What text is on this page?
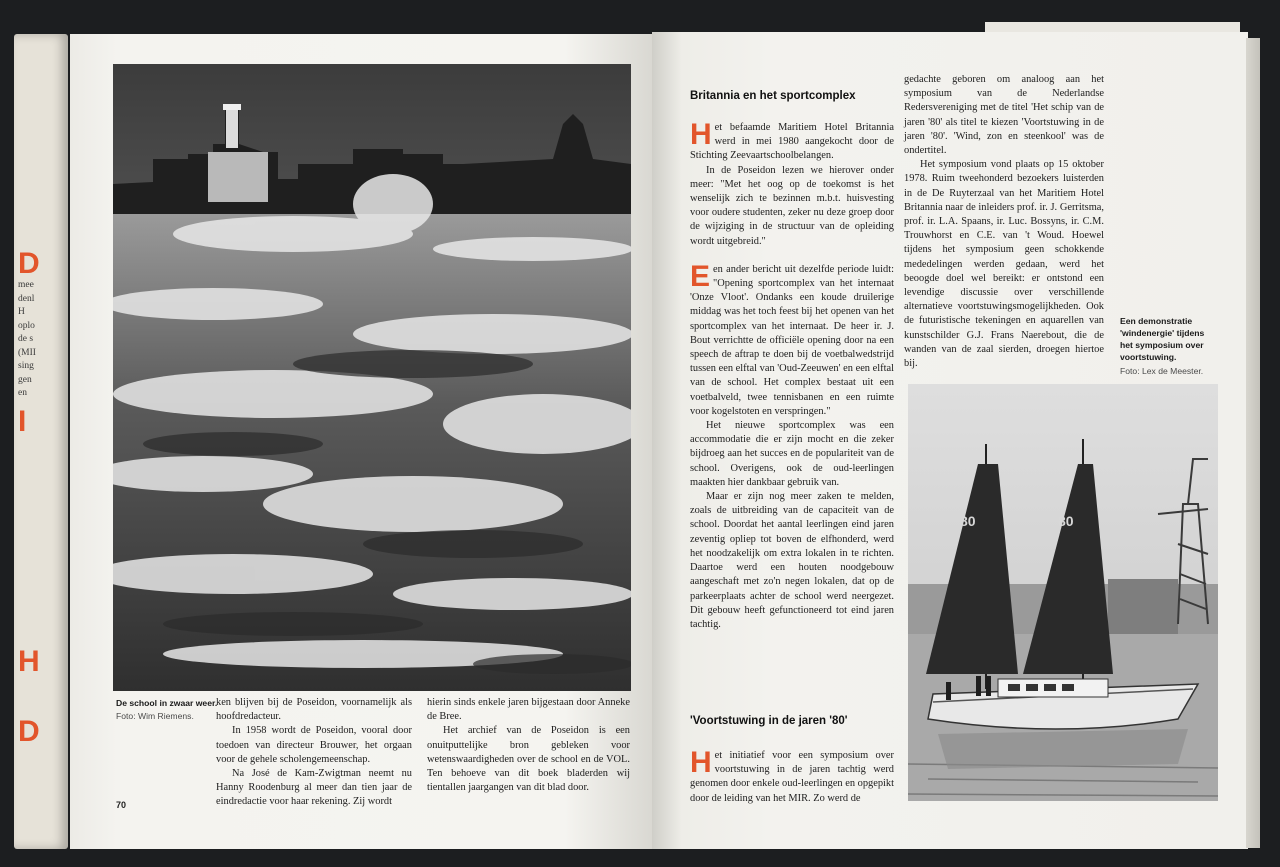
D
mee
denl
H
oplo
de s
(MII
sing
gen
en
I
H
D
De school in zwaar weer.
Foto: Wim Riemens.

ken blijven bij de Poseidon, voornamelijk als hoofdredacteur.

In 1958 wordt de Poseidon, vooral door toedoen van directeur Brouwer, het orgaan voor de gehele scholengemeenschap.

Na José de Kam-Zwigtman neemt nu Hanny Roodenburg al meer dan tien jaar de eindredactie voor haar rekening. Zij wordt

hierin sinds enkele jaren bijgestaan door Anneke de Bree.

Het archief van de Poseidon is een onuitputtelijke bron gebleken voor wetenswaardigheden over de school en de VOL. Ten behoeve van dit boek bladerden wij tientallen jaargangen van dit blad door.

70
Britannia en het sportcomplex

Het befaamde Maritiem Hotel Britannia werd in mei 1980 aangekocht door de Stichting Zeevaartschoolbelangen.

In de Poseidon lezen we hierover onder meer: "Met het oog op de toekomst is het wenselijk zich te bezinnen m.b.t. huisvesting voor oudere studenten, zeker nu deze groep door de wijziging in de structuur van de opleiding wordt uitgebreid."

Een ander bericht uit dezelfde periode luidt: "Opening sportcomplex van het internaat 'Onze Vloot'. Ondanks een koude druilerige middag was het toch feest bij het openen van het sportcomplex van het internaat. De heer ir. J. Bout verrichtte de officiële opening door na een speech de aftrap te doen bij de voetbalwedstrijd tussen een elftal van 'Oud-Zeeuwen' en een elftal van de school. Het complex bestaat uit een voetbalveld, twee tennisbanen en een ruimte voor kogelstoten en verspringen."

Het nieuwe sportcomplex was een accommodatie die er zijn mocht en die zeker bijdroeg aan het succes en de populariteit van de school. Overigens, ook de oud-leerlingen maakten hier dankbaar gebruik van.

Maar er zijn nog meer zaken te melden, zoals de uitbreiding van de capaciteit van de school. Doordat het aantal leerlingen eind jaren zeventig opliep tot boven de elfhonderd, werd het noodzakelijk om extra lokalen in te richten. Daartoe werd een houten noodgebouw aangeschaft met zo'n negen lokalen, dat op de parkeerplaats achter de school werd neergezet. Dit gebouw heeft gefunctioneerd tot eind jaren tachtig.

'Voortstuwing in de jaren '80'

Het initiatief voor een symposium over voortstuwing in de jaren tachtig werd genomen door enkele oud-leerlingen en opgepikt door de leiding van het MIR. Zo werd de

gedachte geboren om analoog aan het symposium van de Nederlandse Redersvereniging met de titel 'Het schip van de jaren '80' als titel te kiezen 'Voortstuwing in de jaren '80'. 'Wind, zon en steenkool' was de ondertitel.

Het symposium vond plaats op 15 oktober 1978. Ruim tweehonderd bezoekers luisterden in de De Ruyterzaal van het Maritiem Hotel Britannia naar de inleiders prof. ir. J. Gerritsma, prof. ir. L.A. Spaans, ir. Luc. Bossyns, ir. C.M. Trouwhorst en C.E. van 't Woud. Hoewel tijdens het symposium geen schokkende mededelingen werden gedaan, werd het beoogde doel wel bereikt: er ontstond een levendige discussie over verschillende alternatieve voortstuwingsmogelijkheden. Ook de futuristische tekeningen en aquarellen van kunstschilder G.J. Frans Naerebout, die de wanden van de zaal sierden, droegen hiertoe bij.

Een demonstratie
'windenergie' tijdens
het symposium over
voortstuwing.
Foto: Lex de Meester.
80	80
